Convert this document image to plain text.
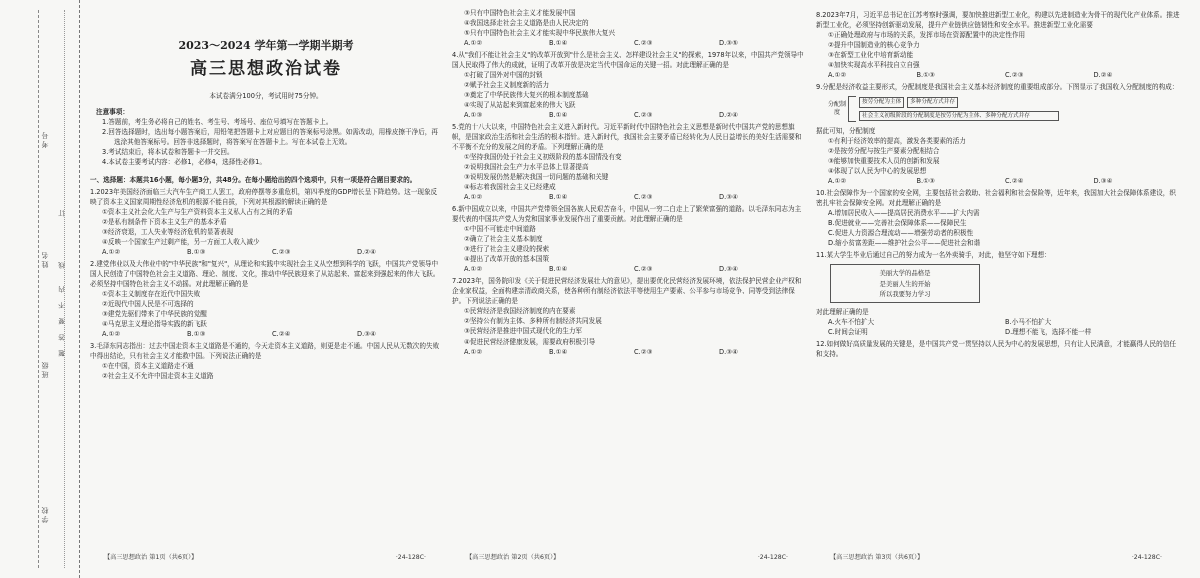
考号
姓名
班级
学校
订
线
内
不
要
答
题
2023～2024 学年第一学期半期考
高三思想政治试卷
本试卷满分100分，考试用时75分钟。
注意事项：
1.答题前，考生务必将自己的姓名、考生号、考场号、座位号填写在答题卡上。
2.回答选择题时，选出每小题答案后，用铅笔把答题卡上对应题目的答案标号涂黑。如需改动，用橡皮擦干净后，再选涂其他答案标号。回答非选择题时，将答案写在答题卡上。写在本试卷上无效。
3.考试结束后，将本试卷和答题卡一并交回。
4.本试卷主要考试内容：必修1，必修4，选择性必修1。
一、选择题：本题共16小题，每小题3分，共48分。在每小题给出的四个选项中，只有一项是符合题目要求的。
1.2023年美国经济面临三大汽车生产商工人罢工，政府停摆等多重危机，第四季度的GDP增长呈下降趋势。这一现象反映了资本主义国家周期性经济危机的根源不能自拔，下列对其根源的解读正确的是
①资本主义社会化大生产与生产资料资本主义私人占有之间的矛盾
②是私有制条件下资本主义生产的基本矛盾
③经济衰退，工人失业等经济危机的显著表现
④反映一个国家生产过剩产能，另一方面工人收入减少
A.①②	B.①③	C.②③	D.②④
2.建党伟业以及大伟业中的"中华民族"和"复兴"，从理论和实践中实现社会主义从空想到科学的飞跃，中国共产党领导中国人民创造了中国特色社会主义道路、理论、制度、文化，推动中华民族迎来了从站起来、富起来到强起来的伟大飞跃。必须坚持中国特色社会主义不动摇。对此理解正确的是
①资本主义制度存在近代中国失败
②近现代中国人民是不可选择的
③建党先驱们带来了中华民族的觉醒
④马克思主义理论指导实践的新飞跃
A.①②	B.①③	C.②④	D.③④
3.毛泽东同志指出：过去中国走资本主义道路是不通的，今天走资本主义道路，则更是走不通。中国人民从无数次的失败中得出结论，只有社会主义才能救中国。下列说法正确的是
①在中国，资本主义道路走不通
②社会主义不允许中国走资本主义道路
③只有中国特色社会主义才能发展中国
④我国选择走社会主义道路是由人民决定的
⑤只有中国特色社会主义才能实现中华民族伟大复兴
A.①②	B.①④	C.②③	D.③⑤
4.从"我们不能让社会主义"的改革开放到"什么是社会主义、怎样建设社会主义"的探索，1978年以来，中国共产党领导中国人民取得了伟大的成就，证明了改革开放是决定当代中国命运的关键一招。对此理解正确的是
①打破了国外对中国的封锁
②赋予社会主义制度新的活力
③奠定了中华民族伟大复兴的根本制度基础
④实现了从站起来到富起来的伟大飞跃
A.①③	B.①④	C.②③	D.②④
5.党的十八大以来，中国特色社会主义进入新时代。习近平新时代中国特色社会主义思想是新时代中国共产党的思想旗帜，是国家政治生活和社会生活的根本指针。进入新时代，我国社会主要矛盾已经转化为人民日益增长的美好生活需要和不平衡不充分的发展之间的矛盾。下列理解正确的是
①坚持我国仍处于社会主义初级阶段的基本国情没有变
②说明我国社会生产力水平总体上显著提高
③说明发展仍然是解决我国一切问题的基础和关键
④标志着我国社会主义已经建成
A.①②	B.①④	C.②③	D.③④
6.新中国成立以来，中国共产党带领全国各族人民艰苦奋斗，中国从一穷二白走上了繁荣富强的道路。以毛泽东同志为主要代表的中国共产党人为党和国家事业发展作出了重要贡献。对此理解正确的是
①中国不可能走中间道路
②确立了社会主义基本制度
③进行了社会主义建设的探索
④提出了改革开放的基本国策
A.①②	B.①④	C.②③	D.③④
7.2023年，国务院印发《关于促进民营经济发展壮大的意见》，提出要优化民营经济发展环境，依法保护民营企业产权和企业家权益，全面构建亲清政商关系，使各种所有制经济依法平等使用生产要素、公平参与市场竞争、同等受到法律保护。下列说法正确的是
①民营经济是我国经济制度的内在要素
②坚持公有制为主体、多种所有制经济共同发展
③民营经济是推进中国式现代化的生力军
④促进民营经济健康发展，需要政府积极引导
A.①②	B.①④	C.②③	D.③④
8.2023年7月，习近平总书记在江苏考察时强调，要加快推进新型工业化，构建以先进制造业为骨干的现代化产业体系。推进新型工业化，必须坚持创新驱动发展，提升产业链供应链韧性和安全水平。推进新型工业化需要
①正确处理政府与市场的关系，发挥市场在资源配置中的决定性作用
②提升中国制造业的核心竞争力
③在新型工业化中培育新动能
④加快实现高水平科技自立自强
A.①②	B.①③	C.②③	D.②④
9.分配是经济收益主要形式，分配制度是我国社会主义基本经济制度的重要组成部分。下图显示了我国收入分配制度的构成：
分配制度
按劳分配为主体	多种分配方式并存
社会主义初级阶段的分配制度是按劳分配为主体、多种分配方式并存
据此可知，分配制度
①有利于经济效率的提高，激发各类要素的活力
②是按劳分配与按生产要素分配相结合
③能够加快重要技术人员的创新和发展
④体现了以人民为中心的发展思想
A.①②	B.①③	C.②④	D.③④
10.社会保障作为一个国家的安全网，主要包括社会救助、社会福利和社会保险等，近年来，我国加大社会保障体系建设，织密扎牢社会保障安全网。对此理解正确的是
A.增加居民收入——提高居民消费水平——扩大内需
B.促进就业——完善社会保障体系——保障民生
C.促进人力资源合理流动——增强劳动者的积极性
D.缩小贫富差距——维护社会公平——促进社会和谐
11.某大学生毕业后通过自己的努力成为一名外卖骑手，对此，他坚守如下理想：
美丽大学的品格是
是美丽人生的开始
所以我要努力学习
对此理解正确的是
A.火车不怕扩大	B.小马不怕扩大
C.时间会证明	D.理想不能飞，选择不能一样
12.如何做好高质量发展的关键是，是中国共产党一贯坚持以人民为中心的发展思想，只有让人民满意，才能赢得人民的信任和支持。
【高三思想政治 第1页（共6页）】	·24-128C·	【高三思想政治 第2页（共6页）】	·24-128C·	【高三思想政治 第3页（共6页）】	·24-128C·
